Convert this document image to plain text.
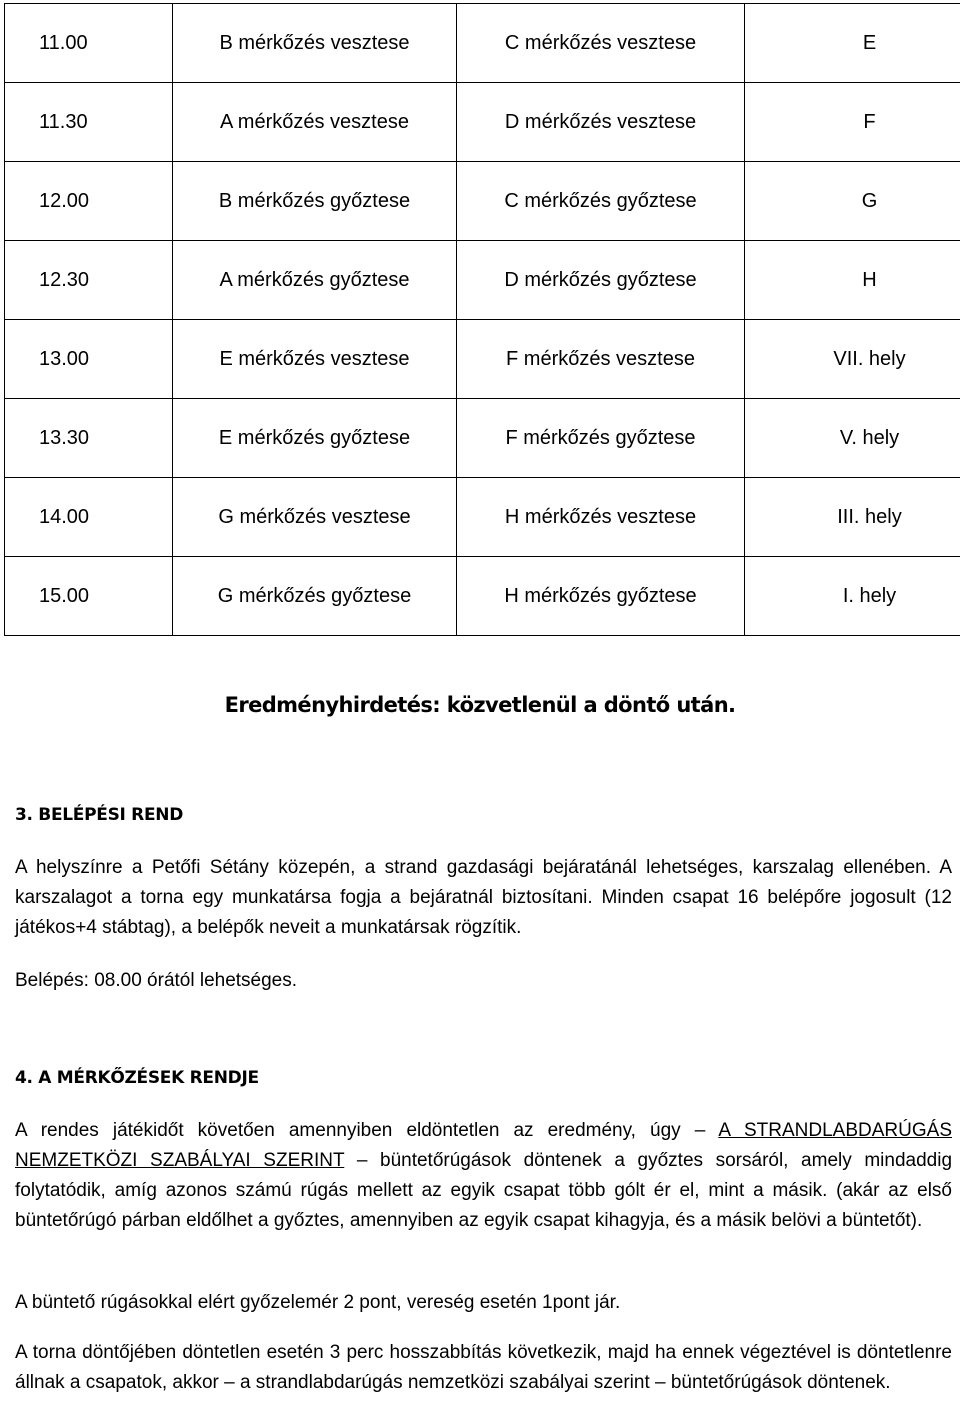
11.00	B mérkőzés vesztese	C mérkőzés vesztese	E
11.30	A mérkőzés vesztese	D mérkőzés vesztese	F
12.00	B mérkőzés győztese	C mérkőzés győztese	G
12.30	A mérkőzés győztese	D mérkőzés győztese	H
13.00	E mérkőzés vesztese	F mérkőzés vesztese	VII. hely
13.30	E mérkőzés győztese	F mérkőzés győztese	V. hely
14.00	G mérkőzés vesztese	H mérkőzés vesztese	III. hely
15.00	G mérkőzés győztese	H mérkőzés győztese	I. hely
Eredményhirdetés: közvetlenül a döntő után.
3. BELÉPÉSI REND

A helyszínre a Petőfi Sétány közepén, a strand gazdasági bejáratánál lehetséges, karszalag ellenében. A karszalagot a torna egy munkatársa fogja a bejáratnál biztosítani. Minden csapat 16 belépőre jogosult (12 játékos+4 stábtag), a belépők neveit a munkatársak rögzítik.

Belépés: 08.00 órától lehetséges.

4. A MÉRKŐZÉSEK RENDJE

A rendes játékidőt követően amennyiben eldöntetlen az eredmény, úgy – A STRANDLABDARÚGÁS NEMZETKÖZI SZABÁLYAI SZERINT – büntetőrúgások döntenek a győztes sorsáról, amely mindaddig folytatódik, amíg azonos számú rúgás mellett az egyik csapat több gólt ér el, mint a másik. (akár az első büntetőrúgó párban eldőlhet a győztes, amennyiben az egyik csapat kihagyja, és a másik belövi a büntetőt).

A büntető rúgásokkal elért győzelemér 2 pont, vereség esetén 1pont jár.

A torna döntőjében döntetlen esetén 3 perc hosszabbítás következik, majd ha ennek végeztével is döntetlenre állnak a csapatok, akkor – a strandlabdarúgás nemzetközi szabályai szerint – büntetőrúgások döntenek.
